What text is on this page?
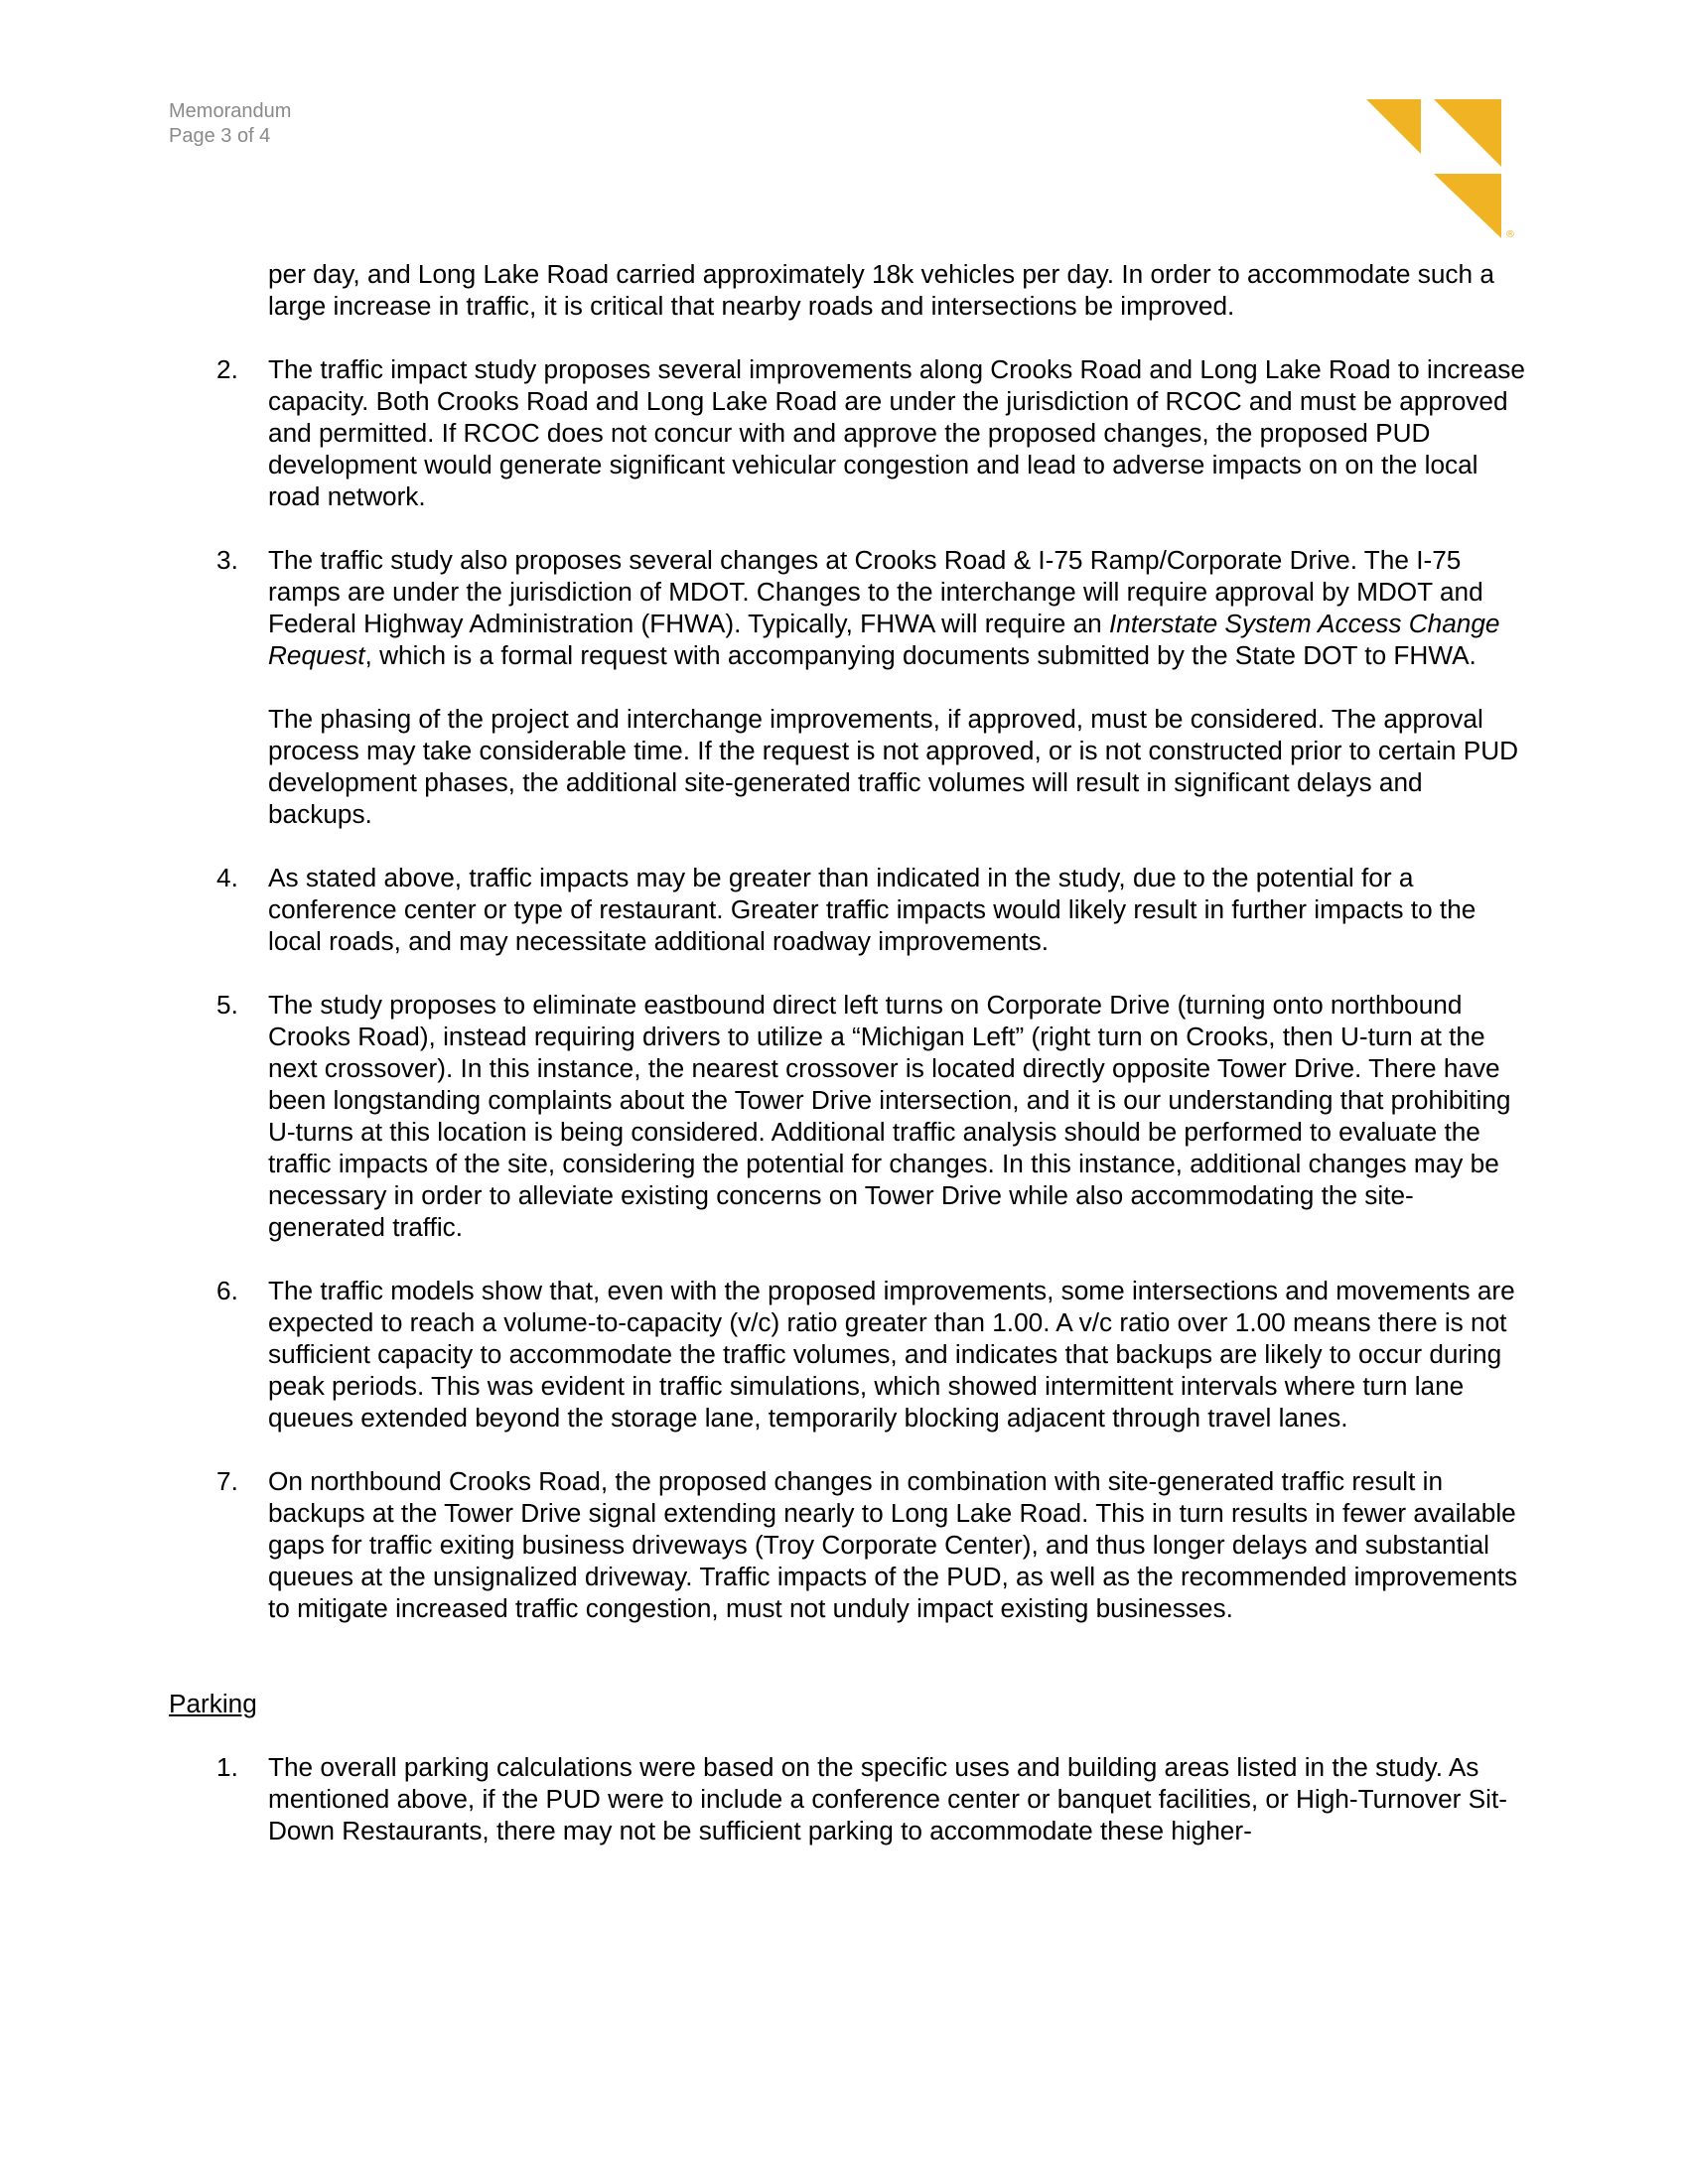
Memorandum
Page 3 of 4
®

per day, and Long Lake Road carried approximately 18k vehicles per day. In order to accommodate such a large increase in traffic, it is critical that nearby roads and intersections be improved.

2. The traffic impact study proposes several improvements along Crooks Road and Long Lake Road to increase capacity. Both Crooks Road and Long Lake Road are under the jurisdiction of RCOC and must be approved and permitted. If RCOC does not concur with and approve the proposed changes, the proposed PUD development would generate significant vehicular congestion and lead to adverse impacts on on the local road network.

3. The traffic study also proposes several changes at Crooks Road & I-75 Ramp/Corporate Drive. The I-75 ramps are under the jurisdiction of MDOT. Changes to the interchange will require approval by MDOT and Federal Highway Administration (FHWA). Typically, FHWA will require an Interstate System Access Change Request, which is a formal request with accompanying documents submitted by the State DOT to FHWA.

The phasing of the project and interchange improvements, if approved, must be considered. The approval process may take considerable time. If the request is not approved, or is not constructed prior to certain PUD development phases, the additional site-generated traffic volumes will result in significant delays and backups.

4. As stated above, traffic impacts may be greater than indicated in the study, due to the potential for a conference center or type of restaurant. Greater traffic impacts would likely result in further impacts to the local roads, and may necessitate additional roadway improvements.

5. The study proposes to eliminate eastbound direct left turns on Corporate Drive (turning onto northbound Crooks Road), instead requiring drivers to utilize a “Michigan Left” (right turn on Crooks, then U-turn at the next crossover). In this instance, the nearest crossover is located directly opposite Tower Drive. There have been longstanding complaints about the Tower Drive intersection, and it is our understanding that prohibiting U-turns at this location is being considered. Additional traffic analysis should be performed to evaluate the traffic impacts of the site, considering the potential for changes. In this instance, additional changes may be necessary in order to alleviate existing concerns on Tower Drive while also accommodating the site-generated traffic.

6. The traffic models show that, even with the proposed improvements, some intersections and movements are expected to reach a volume-to-capacity (v/c) ratio greater than 1.00. A v/c ratio over 1.00 means there is not sufficient capacity to accommodate the traffic volumes, and indicates that backups are likely to occur during peak periods. This was evident in traffic simulations, which showed intermittent intervals where turn lane queues extended beyond the storage lane, temporarily blocking adjacent through travel lanes.

7. On northbound Crooks Road, the proposed changes in combination with site-generated traffic result in backups at the Tower Drive signal extending nearly to Long Lake Road. This in turn results in fewer available gaps for traffic exiting business driveways (Troy Corporate Center), and thus longer delays and substantial queues at the unsignalized driveway. Traffic impacts of the PUD, as well as the recommended improvements to mitigate increased traffic congestion, must not unduly impact existing businesses.

Parking
1. The overall parking calculations were based on the specific uses and building areas listed in the study. As mentioned above, if the PUD were to include a conference center or banquet facilities, or High-Turnover Sit-Down Restaurants, there may not be sufficient parking to accommodate these higher-
